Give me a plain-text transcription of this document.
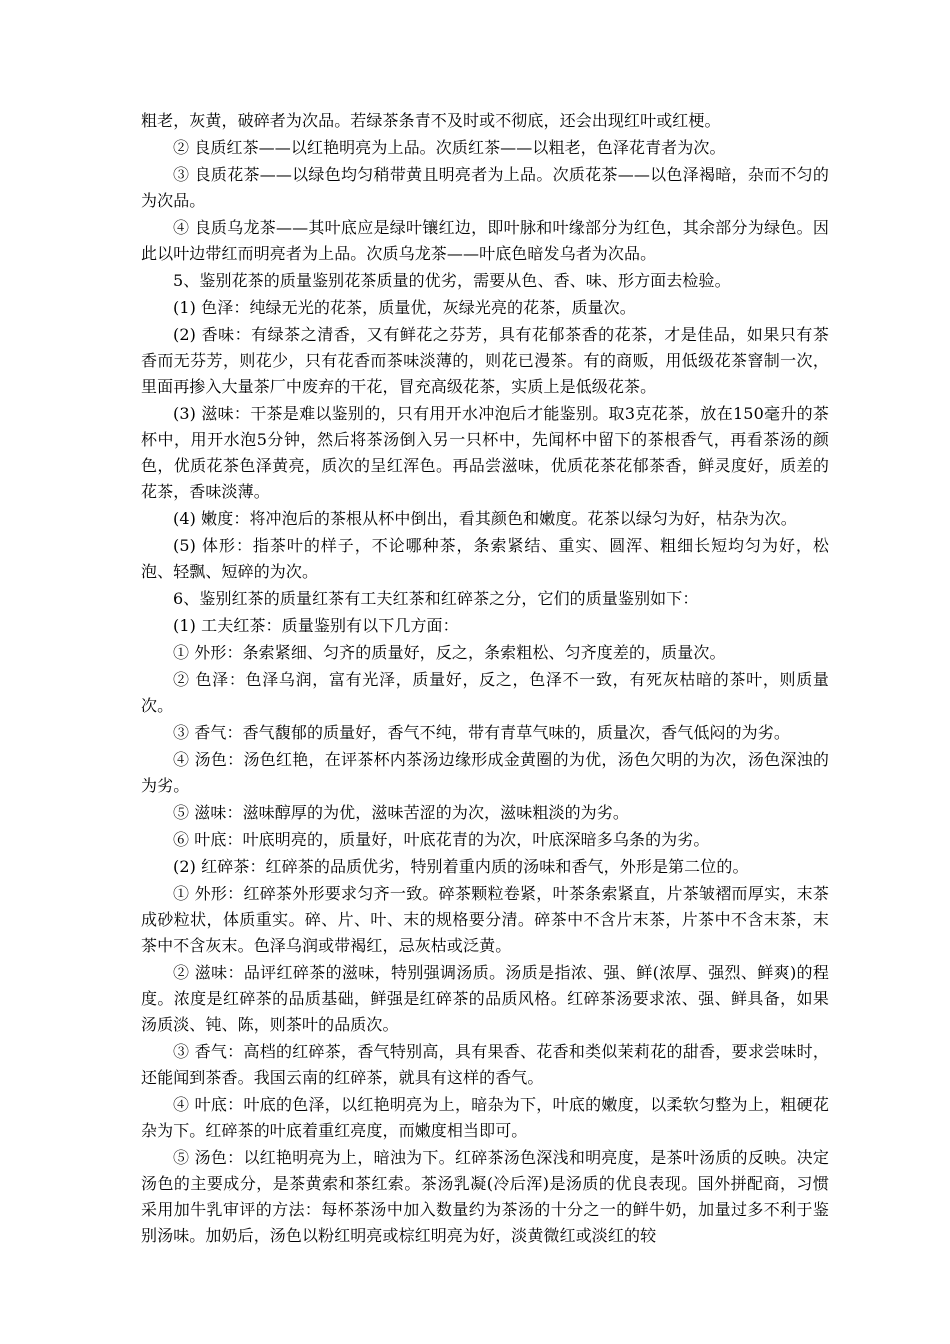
粗老，灰黄，破碎者为次品。若绿茶条青不及时或不彻底，还会出现红叶或红梗。

② 良质红茶——以红艳明亮为上品。次质红茶——以粗老，色泽花青者为次。

③ 良质花茶——以绿色均匀稍带黄且明亮者为上品。次质花茶——以色泽褐暗，杂而不匀的为次品。

④ 良质乌龙茶——其叶底应是绿叶镶红边，即叶脉和叶缘部分为红色，其余部分为绿色。因此以叶边带红而明亮者为上品。次质乌龙茶——叶底色暗发乌者为次品。

5、鉴别花茶的质量鉴别花茶质量的优劣，需要从色、香、味、形方面去检验。

(1) 色泽：纯绿无光的花茶，质量优，灰绿光亮的花茶，质量次。

(2) 香味：有绿茶之清香，又有鲜花之芬芳，具有花郁茶香的花茶，才是佳品，如果只有茶香而无芬芳，则花少，只有花香而茶味淡薄的，则花已漫茶。有的商贩，用低级花茶窨制一次，里面再掺入大量茶厂中废弃的干花，冒充高级花茶，实质上是低级花茶。

(3) 滋味：干茶是难以鉴别的，只有用开水冲泡后才能鉴别。取3克花茶，放在150毫升的茶杯中，用开水泡5分钟，然后将茶汤倒入另一只杯中，先闻杯中留下的茶根香气，再看茶汤的颜色，优质花茶色泽黄亮，质次的呈红浑色。再品尝滋味，优质花茶花郁茶香，鲜灵度好，质差的花茶，香味淡薄。

(4) 嫩度：将冲泡后的茶根从杯中倒出，看其颜色和嫩度。花茶以绿匀为好，枯杂为次。

(5) 体形：指茶叶的样子，不论哪种茶，条索紧结、重实、圆浑、粗细长短均匀为好，松泡、轻飘、短碎的为次。

6、鉴别红茶的质量红茶有工夫红茶和红碎茶之分，它们的质量鉴别如下：

(1) 工夫红茶：质量鉴别有以下几方面：

① 外形：条索紧细、匀齐的质量好，反之，条索粗松、匀齐度差的，质量次。

② 色泽：色泽乌润，富有光泽，质量好，反之，色泽不一致，有死灰枯暗的茶叶，则质量次。

③ 香气：香气馥郁的质量好，香气不纯，带有青草气味的，质量次，香气低闷的为劣。

④ 汤色：汤色红艳，在评茶杯内茶汤边缘形成金黄圈的为优，汤色欠明的为次，汤色深浊的为劣。

⑤ 滋味：滋味醇厚的为优，滋味苦涩的为次，滋味粗淡的为劣。

⑥ 叶底：叶底明亮的，质量好，叶底花青的为次，叶底深暗多乌条的为劣。

(2) 红碎茶：红碎茶的品质优劣，特别着重内质的汤味和香气，外形是第二位的。

① 外形：红碎茶外形要求匀齐一致。碎茶颗粒卷紧，叶茶条索紧直，片茶皱褶而厚实，末茶成砂粒状，体质重实。碎、片、叶、末的规格要分清。碎茶中不含片末茶，片茶中不含末茶，末茶中不含灰末。色泽乌润或带褐红，忌灰枯或泛黄。

② 滋味：品评红碎茶的滋味，特别强调汤质。汤质是指浓、强、鲜(浓厚、强烈、鲜爽)的程度。浓度是红碎茶的品质基础，鲜强是红碎茶的品质风格。红碎茶汤要求浓、强、鲜具备，如果汤质淡、钝、陈，则茶叶的品质次。

③ 香气：高档的红碎茶，香气特别高，具有果香、花香和类似茉莉花的甜香，要求尝味时，还能闻到茶香。我国云南的红碎茶，就具有这样的香气。

④ 叶底：叶底的色泽，以红艳明亮为上，暗杂为下，叶底的嫩度，以柔软匀整为上，粗硬花杂为下。红碎茶的叶底着重红亮度，而嫩度相当即可。

⑤ 汤色：以红艳明亮为上，暗浊为下。红碎茶汤色深浅和明亮度，是茶叶汤质的反映。决定汤色的主要成分，是茶黄索和茶红索。茶汤乳凝(冷后浑)是汤质的优良表现。国外拼配商，习惯采用加牛乳审评的方法：每杯茶汤中加入数量约为茶汤的十分之一的鲜牛奶，加量过多不利于鉴别汤味。加奶后，汤色以粉红明亮或棕红明亮为好，淡黄微红或淡红的较
